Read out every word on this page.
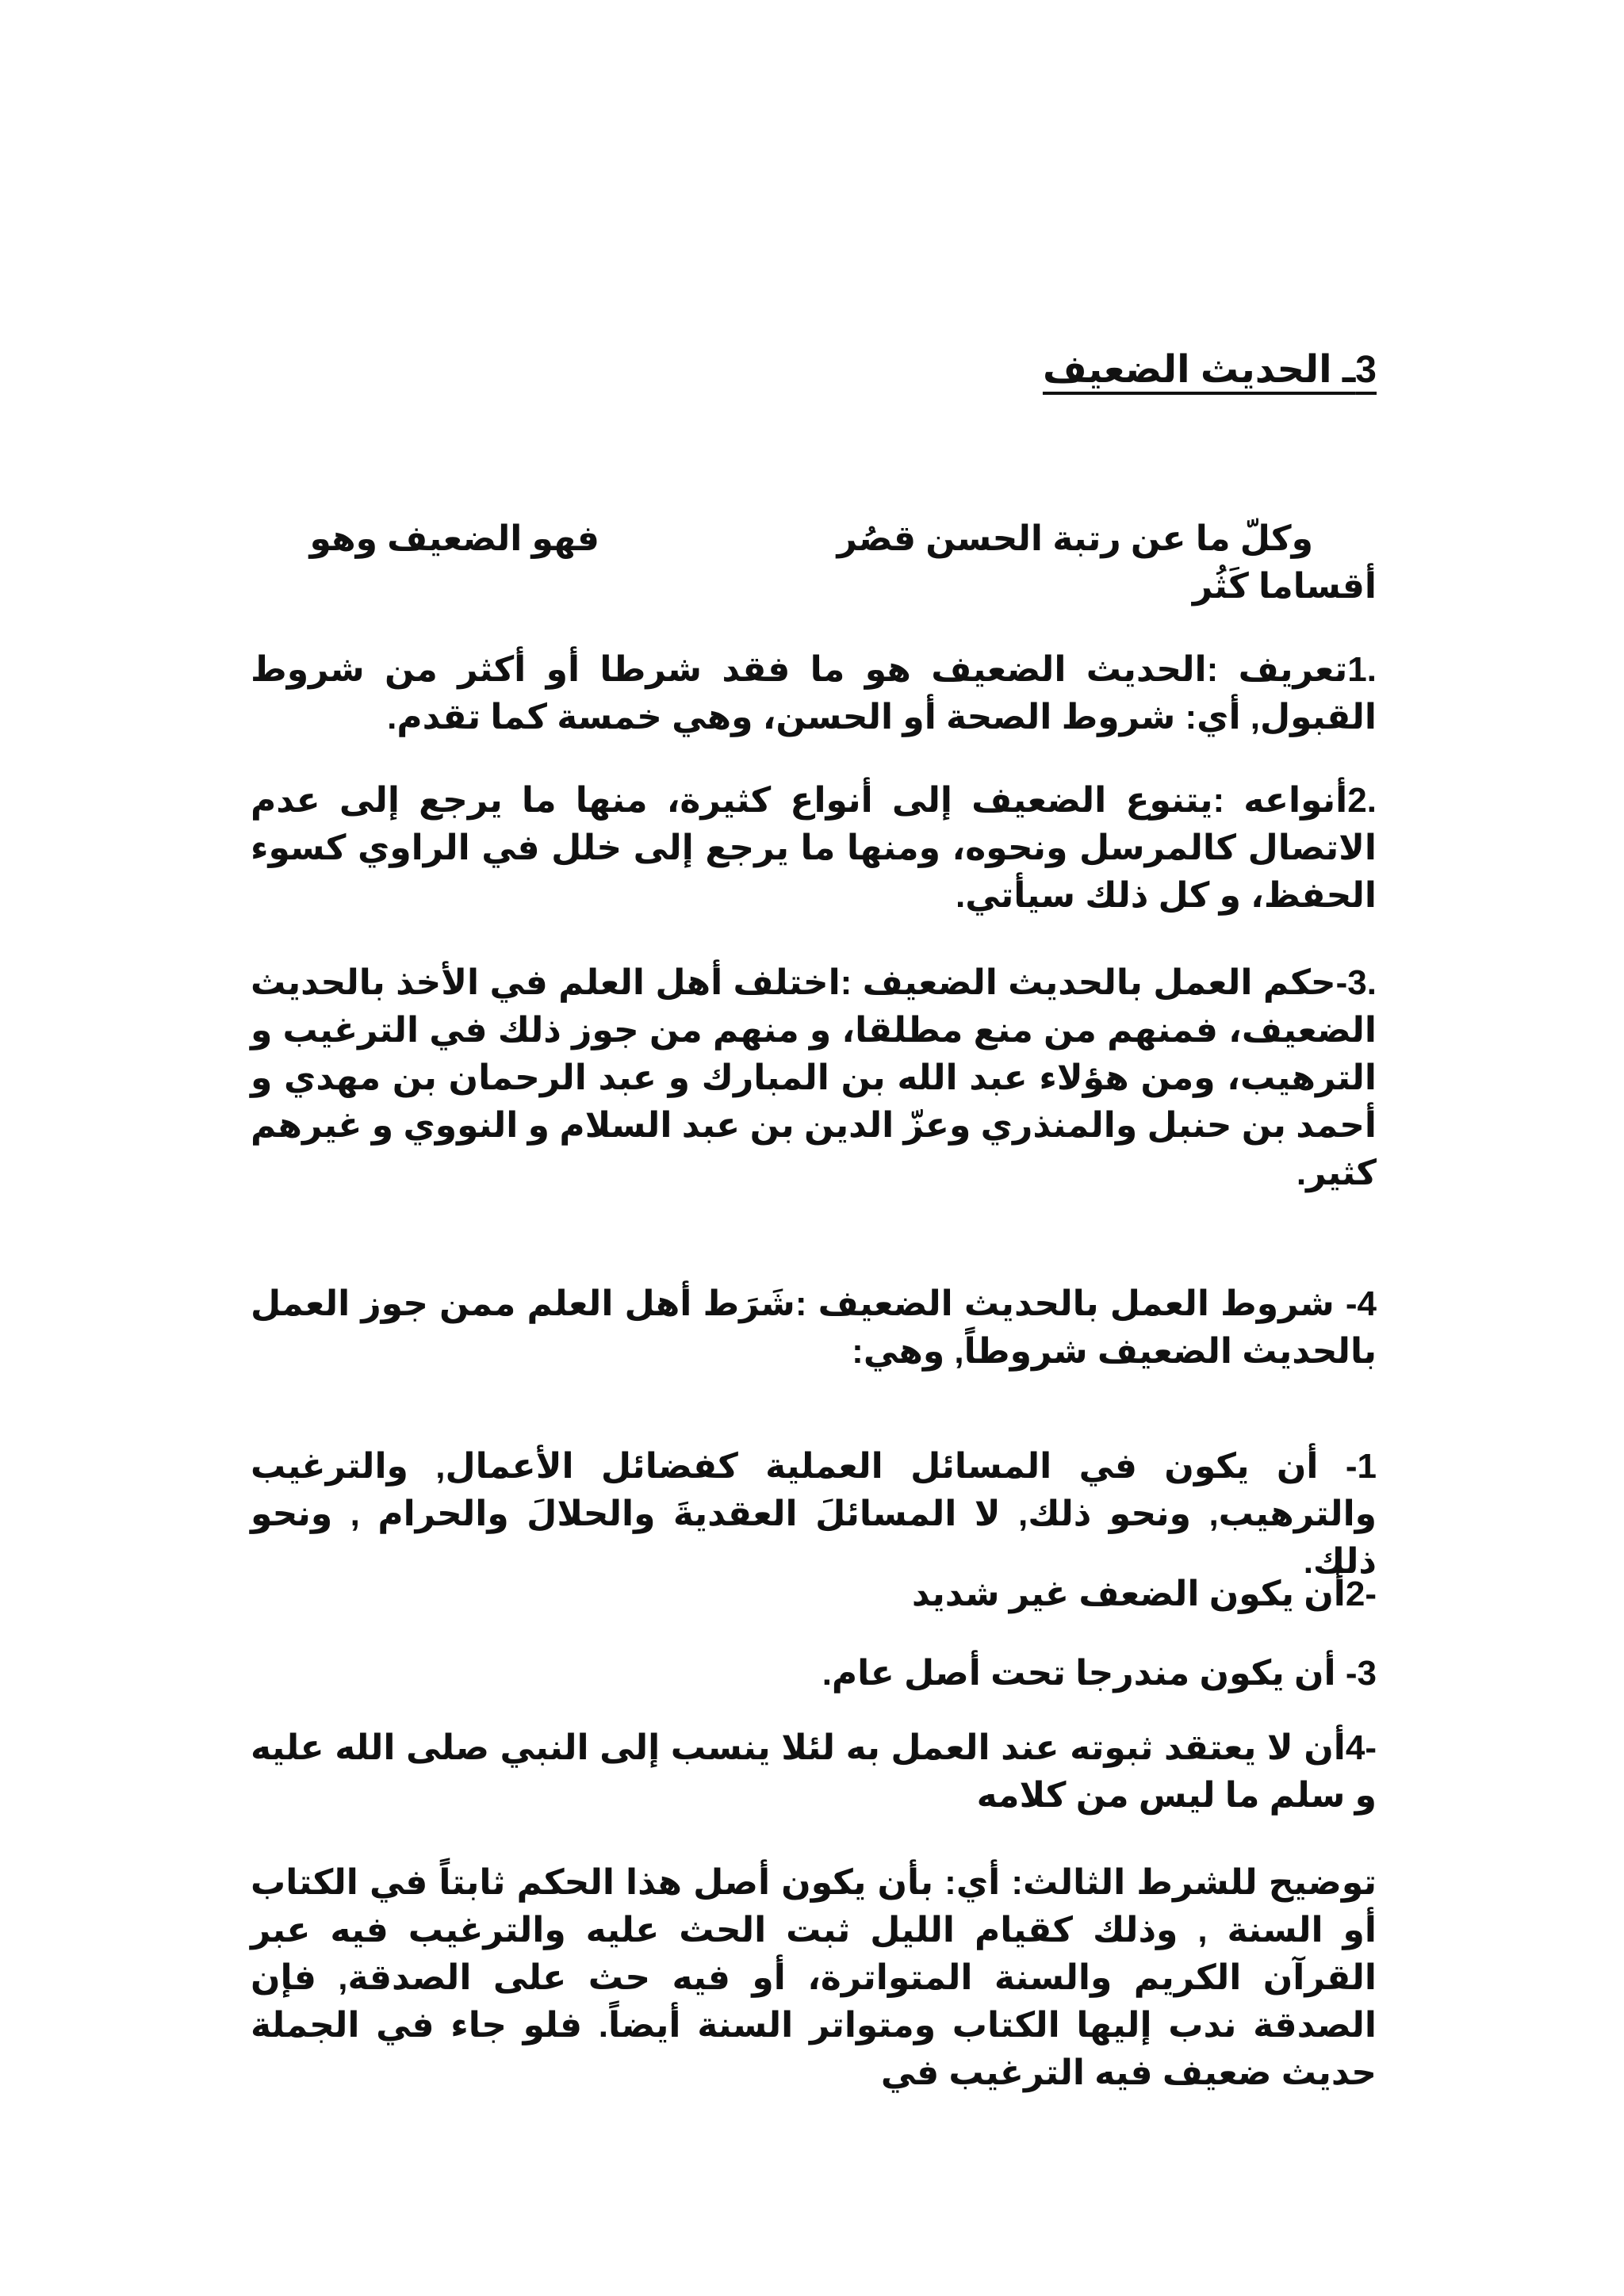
3ـ الحديث الضعيف
وكلّ ما عن رتبة الحسن قصُر
فهو الضعيف وهو
أقساما كَثُر
.1تعريف :الحديث الضعيف هو ما فقد شرطا أو أكثر من شروط القبول, أي: شروط الصحة أو الحسن، وهي خمسة كما تقدم.
.2أنواعه :يتنوع الضعيف إلى أنواع كثيرة، منها ما يرجع إلى عدم الاتصال كالمرسل ونحوه، ومنها ما يرجع إلى خلل في الراوي كسوء الحفظ، و كل ذلك سيأتي.
.3-حكم العمل بالحديث الضعيف :اختلف أهل العلم في الأخذ بالحديث الضعيف، فمنهم من منع مطلقا، و منهم من جوز ذلك في الترغيب و الترهيب، ومن هؤلاء عبد الله بن المبارك و عبد الرحمان بن مهدي و أحمد بن حنبل والمنذري وعزّ الدين بن عبد السلام و النووي و غيرهم كثير.
4- شروط العمل بالحديث الضعيف :شَرَط أهل العلم ممن جوز العمل بالحديث الضعيف شروطاً, وهي:
1- أن يكون في المسائل العملية كفضائل الأعمال, والترغيب والترهيب, ونحو ذلك, لا المسائلَ العقديةَ والحلالَ والحرام , ونحو ذلك.
-2أن يكون الضعف غير شديد
3- أن يكون مندرجا تحت أصل عام.
-4أن لا يعتقد ثبوته عند العمل به لئلا ينسب إلى النبي صلى الله عليه و سلم ما ليس من كلامه
توضيح للشرط الثالث: أي: بأن يكون أصل هذا الحكم ثابتاً في الكتاب أو السنة , وذلك كقيام الليل ثبت الحث عليه والترغيب فيه عبر القرآن الكريم والسنة المتواترة، أو فيه حث على الصدقة, فإن الصدقة ندب إليها الكتاب ومتواتر السنة أيضاً. فلو جاء في الجملة حديث ضعيف فيه الترغيب في
